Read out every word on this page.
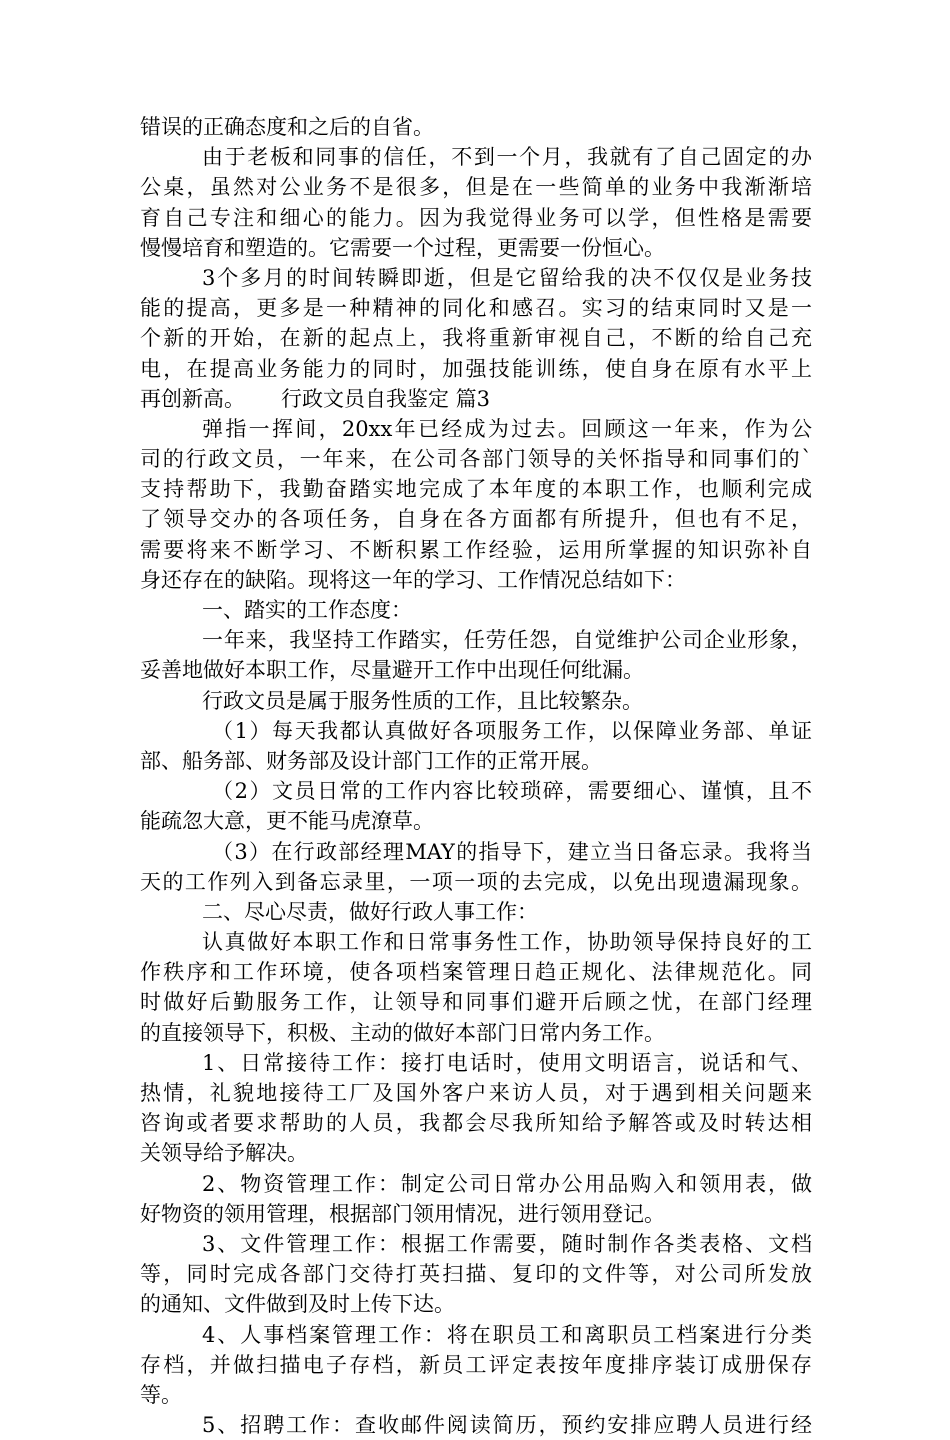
错误的正确态度和之后的自省。
由于老板和同事的信任，不到一个月，我就有了自己固定的办
公桌，虽然对公业务不是很多，但是在一些简单的业务中我渐渐培
育自己专注和细心的能力。因为我觉得业务可以学，但性格是需要
慢慢培育和塑造的。它需要一个过程，更需要一份恒心。
3个多月的时间转瞬即逝，但是它留给我的决不仅仅是业务技
能的提高，更多是一种精神的同化和感召。实习的结束同时又是一
个新的开始，在新的起点上，我将重新审视自己，不断的给自己充
电，在提高业务能力的同时，加强技能训练，使自身在原有水平上
再创新高。 行政文员自我鉴定 篇3
弹指一挥间，20xx年已经成为过去。回顾这一年来，作为公
司的行政文员，一年来，在公司各部门领导的关怀指导和同事们的`
支持帮助下，我勤奋踏实地完成了本年度的本职工作，也顺利完成
了领导交办的各项任务，自身在各方面都有所提升，但也有不足，
需要将来不断学习、不断积累工作经验，运用所掌握的知识弥补自
身还存在的缺陷。现将这一年的学习、工作情况总结如下：
一、踏实的工作态度：
一年来，我坚持工作踏实，任劳任怨，自觉维护公司企业形象，
妥善地做好本职工作，尽量避开工作中出现任何纰漏。
行政文员是属于服务性质的工作，且比较繁杂。
（1）每天我都认真做好各项服务工作，以保障业务部、单证
部、船务部、财务部及设计部门工作的正常开展。
（2）文员日常的工作内容比较琐碎，需要细心、谨慎，且不
能疏忽大意，更不能马虎潦草。
（3）在行政部经理MAY的指导下，建立当日备忘录。我将当
天的工作列入到备忘录里，一项一项的去完成，以免出现遗漏现象。
二、尽心尽责，做好行政人事工作：
认真做好本职工作和日常事务性工作，协助领导保持良好的工
作秩序和工作环境，使各项档案管理日趋正规化、法律规范化。同
时做好后勤服务工作，让领导和同事们避开后顾之忧，在部门经理
的直接领导下，积极、主动的做好本部门日常内务工作。
1、日常接待工作：接打电话时，使用文明语言，说话和气、
热情，礼貌地接待工厂及国外客户来访人员，对于遇到相关问题来
咨询或者要求帮助的人员，我都会尽我所知给予解答或及时转达相
关领导给予解决。
2、物资管理工作：制定公司日常办公用品购入和领用表，做
好物资的领用管理，根据部门领用情况，进行领用登记。
3、文件管理工作：根据工作需要，随时制作各类表格、文档
等，同时完成各部门交待打英扫描、复印的文件等，对公司所发放
的通知、文件做到及时上传下达。
4、人事档案管理工作：将在职员工和离职员工档案进行分类
存档，并做扫描电子存档，新员工评定表按年度排序装订成册保存
等。
5、招聘工作：查收邮件阅读简历，预约安排应聘人员进行经
